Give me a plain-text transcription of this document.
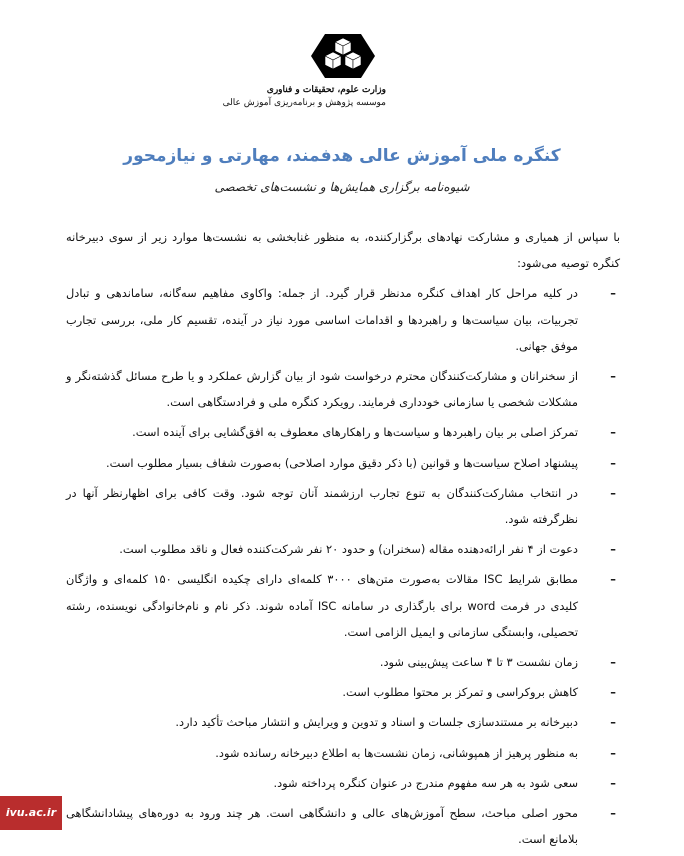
وزارت علوم، تحقیقات و فناوری
موسسه پژوهش و برنامه‌ریزی آموزش عالی
کنگره ملی آموزش عالی هدفمند، مهارتی و نیازمحور

شیوه‌نامه برگزاری همایش‌ها و نشست‌های تخصصی

با سپاس از همیاری و مشارکت نهادهای برگزارکننده، به منظور غنابخشی به نشست‌ها موارد زیر از سوی دبیرخانه کنگره توصیه می‌شود:

– در کلیه مراحل کار اهداف کنگره مدنظر قرار گیرد. از جمله: واکاوی مفاهیم سه‌گانه، ساماندهی و تبادل تجربیات، بیان سیاست‌ها و راهبردها و اقدامات اساسی مورد نیاز در آینده، تقسیم کار ملی، بررسی تجارب موفق جهانی.
– از سخنرانان و مشارکت‌کنندگان محترم درخواست شود از بیان گزارش عملکرد و یا طرح مسائل گذشته‌نگر و مشکلات شخصی یا سازمانی خودداری فرمایند. رویکرد کنگره ملی و فرادستگاهی است.
– تمرکز اصلی بر بیان راهبردها و سیاست‌ها و راهکارهای معطوف به افق‌گشایی برای آینده است.
– پیشنهاد اصلاح سیاست‌ها و قوانین (با ذکر دقیق موارد اصلاحی) به‌صورت شفاف بسیار مطلوب است.
– در انتخاب مشارکت‌کنندگان به تنوع تجارب ارزشمند آنان توجه شود. وقت کافی برای اظهارنظر آنها در نظرگرفته شود.
– دعوت از ۴ نفر ارائه‌دهنده مقاله (سخنران) و حدود ۲۰ نفر شرکت‌کننده فعال و ناقد مطلوب است.
– مطابق شرایط ISC مقالات به‌صورت متن‌های ۳۰۰۰ کلمه‌ای دارای چکیده انگلیسی ۱۵۰ کلمه‌ای و واژگان کلیدی در فرمت word برای بارگذاری در سامانه ISC آماده شوند. ذکر نام و نام‌خانوادگی نویسنده، رشته تحصیلی، وابستگی سازمانی و ایمیل الزامی است.
– زمان نشست ۳ تا ۴ ساعت پیش‌بینی شود.
– کاهش بروکراسی و تمرکز بر محتوا مطلوب است.
– دبیرخانه بر مستندسازی جلسات و اسناد و تدوین و ویرایش و انتشار مباحث تأکید دارد.
– به منظور پرهیز از همپوشانی، زمان نشست‌ها به اطلاع دبیرخانه رسانده شود.
– سعی شود به هر سه مفهوم مندرج در عنوان کنگره پرداخته شود.
– محور اصلی مباحث، سطح آموزش‌های عالی و دانشگاهی است. هر چند ورود به دوره‌های پیشادانشگاهی بلامانع است.
ivu.ac.ir
